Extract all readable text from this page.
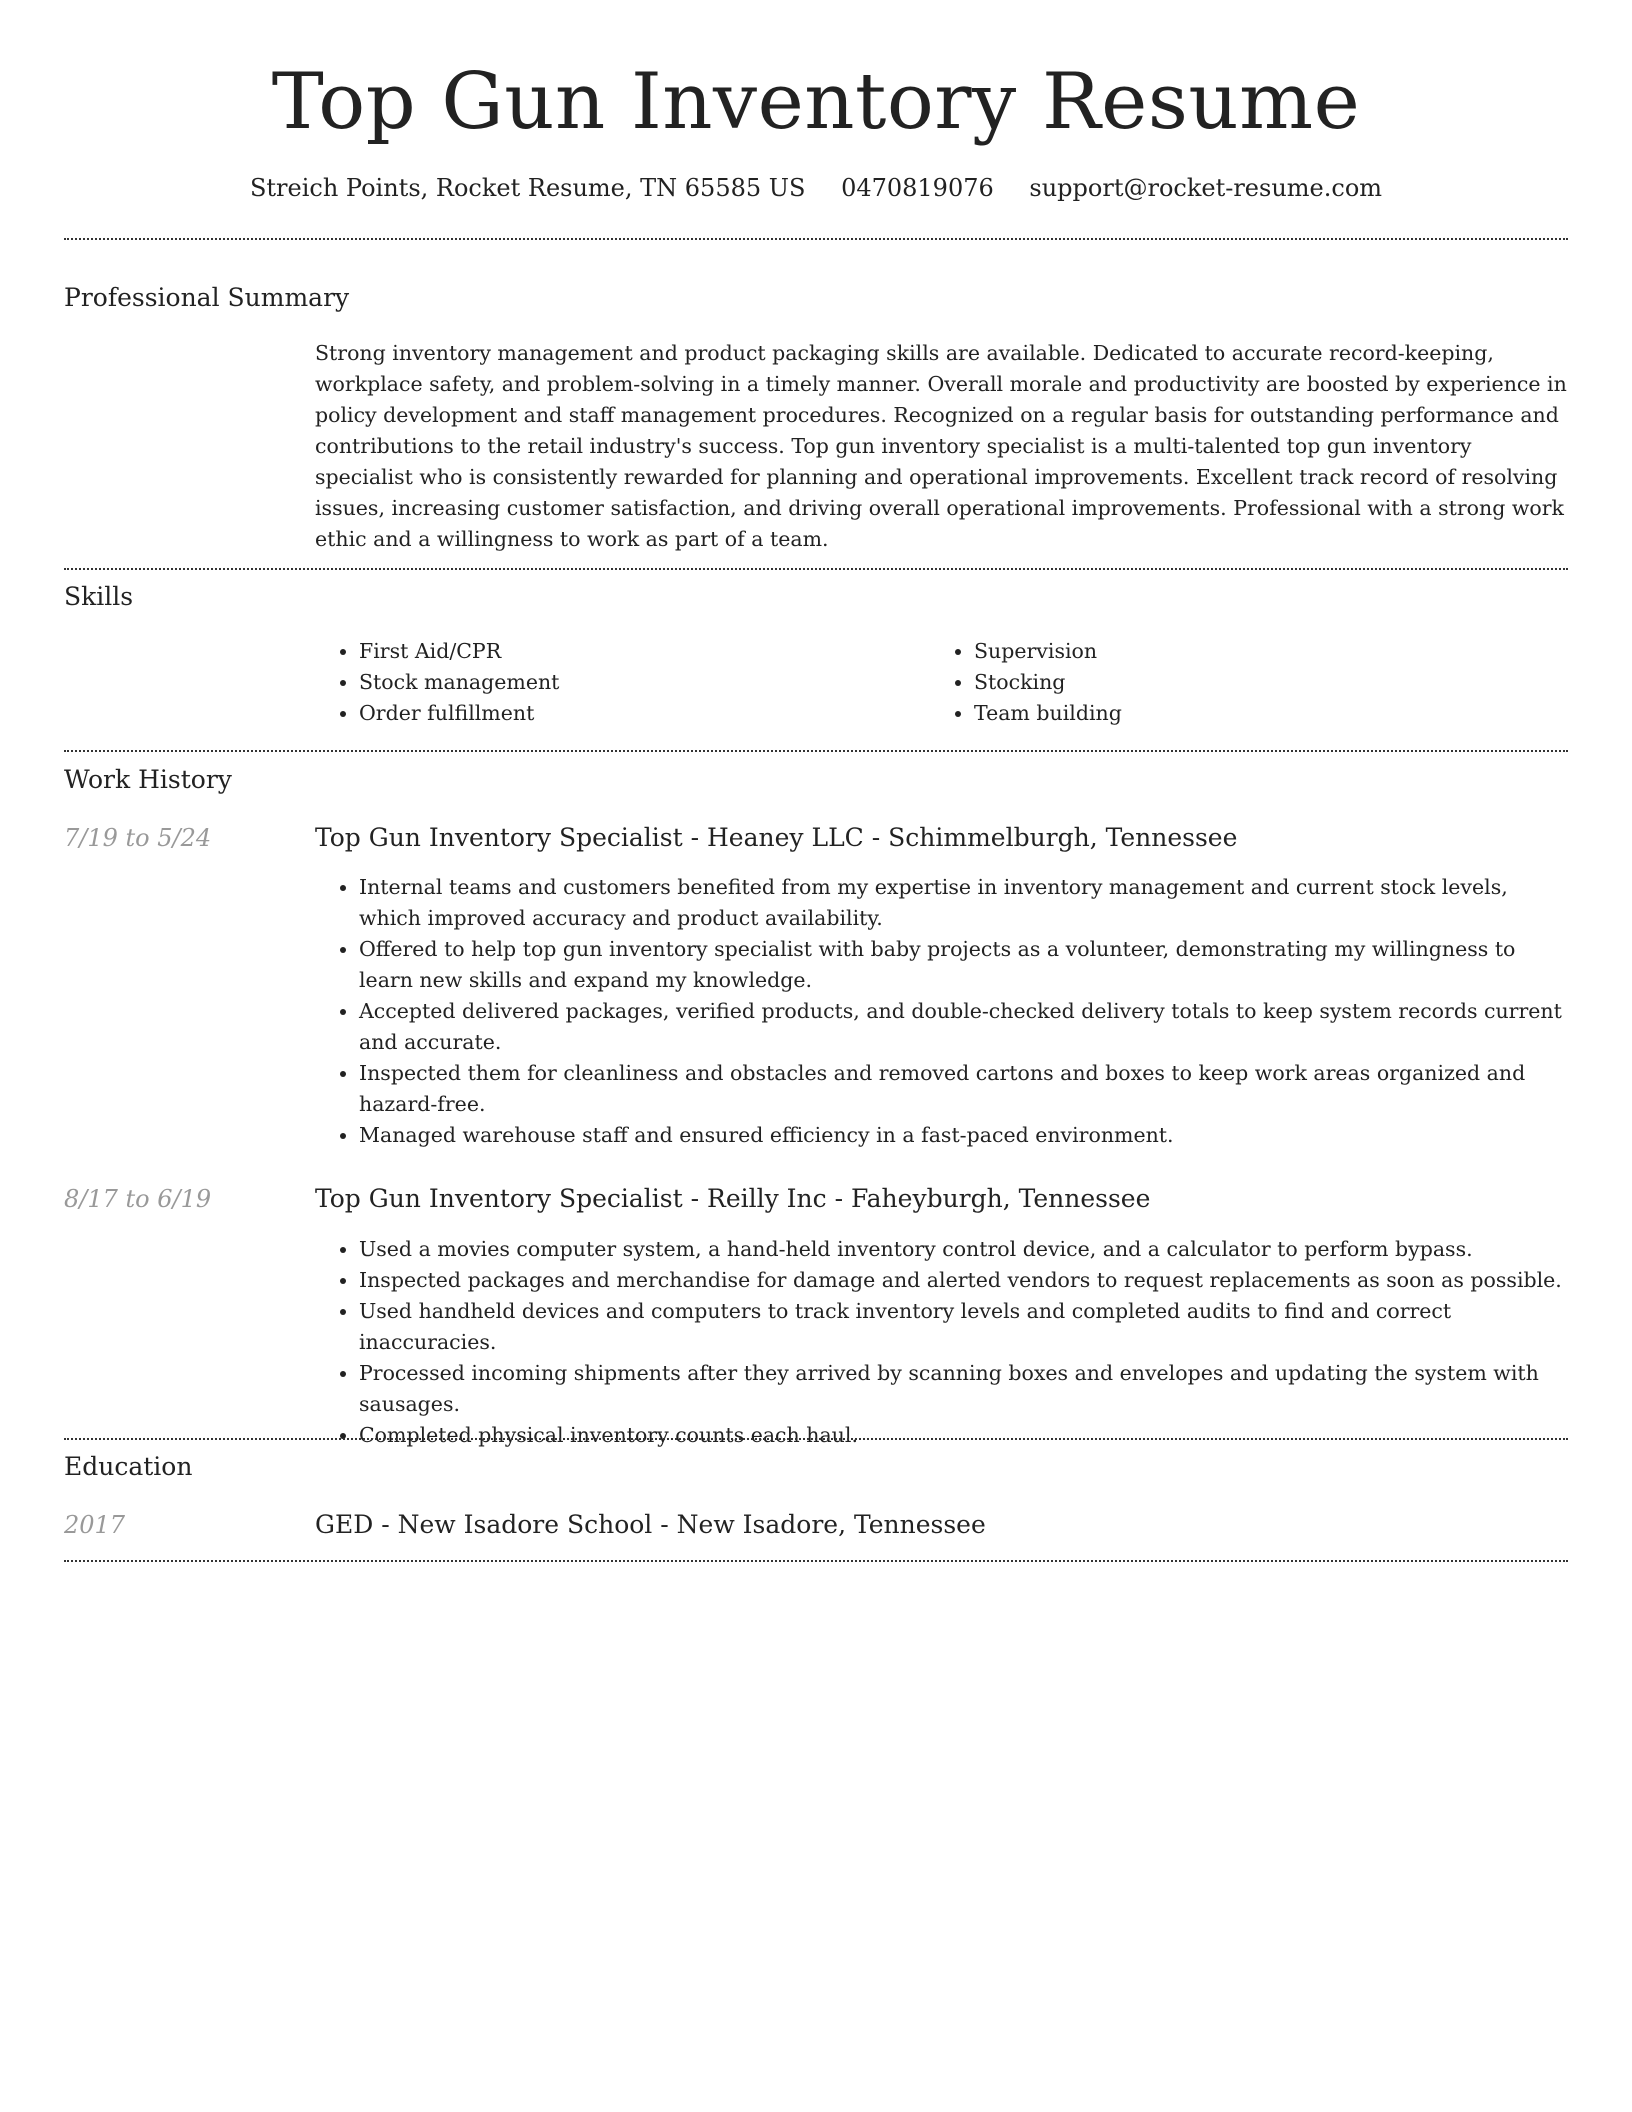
Top Gun Inventory Resume
Streich Points, Rocket Resume, TN 65585 US 0470819076 support@rocket-resume.com
Professional Summary

Strong inventory management and product packaging skills are available. Dedicated to accurate record-keeping, workplace safety, and problem-solving in a timely manner. Overall morale and productivity are boosted by experience in policy development and staff management procedures. Recognized on a regular basis for outstanding performance and contributions to the retail industry's success. Top gun inventory specialist is a multi-talented top gun inventory specialist who is consistently rewarded for planning and operational improvements. Excellent track record of resolving issues, increasing customer satisfaction, and driving overall operational improvements. Professional with a strong work ethic and a willingness to work as part of a team.

Skills
• First Aid/CPR
• Stock management
• Order fulfillment
• Supervision
• Stocking
• Team building
Work History
7/19 to 5/24	Top Gun Inventory Specialist - Heaney LLC - Schimmelburgh, Tennessee
• Internal teams and customers benefited from my expertise in inventory management and current stock levels, which improved accuracy and product availability.
• Offered to help top gun inventory specialist with baby projects as a volunteer, demonstrating my willingness to learn new skills and expand my knowledge.
• Accepted delivered packages, verified products, and double-checked delivery totals to keep system records current and accurate.
• Inspected them for cleanliness and obstacles and removed cartons and boxes to keep work areas organized and hazard-free.
• Managed warehouse staff and ensured efficiency in a fast-paced environment.
8/17 to 6/19	Top Gun Inventory Specialist - Reilly Inc - Faheyburgh, Tennessee
• Used a movies computer system, a hand-held inventory control device, and a calculator to perform bypass.
• Inspected packages and merchandise for damage and alerted vendors to request replacements as soon as possible.
• Used handheld devices and computers to track inventory levels and completed audits to find and correct inaccuracies.
• Processed incoming shipments after they arrived by scanning boxes and envelopes and updating the system with sausages.
• Completed physical inventory counts each haul.
Education
2017	GED - New Isadore School - New Isadore, Tennessee
